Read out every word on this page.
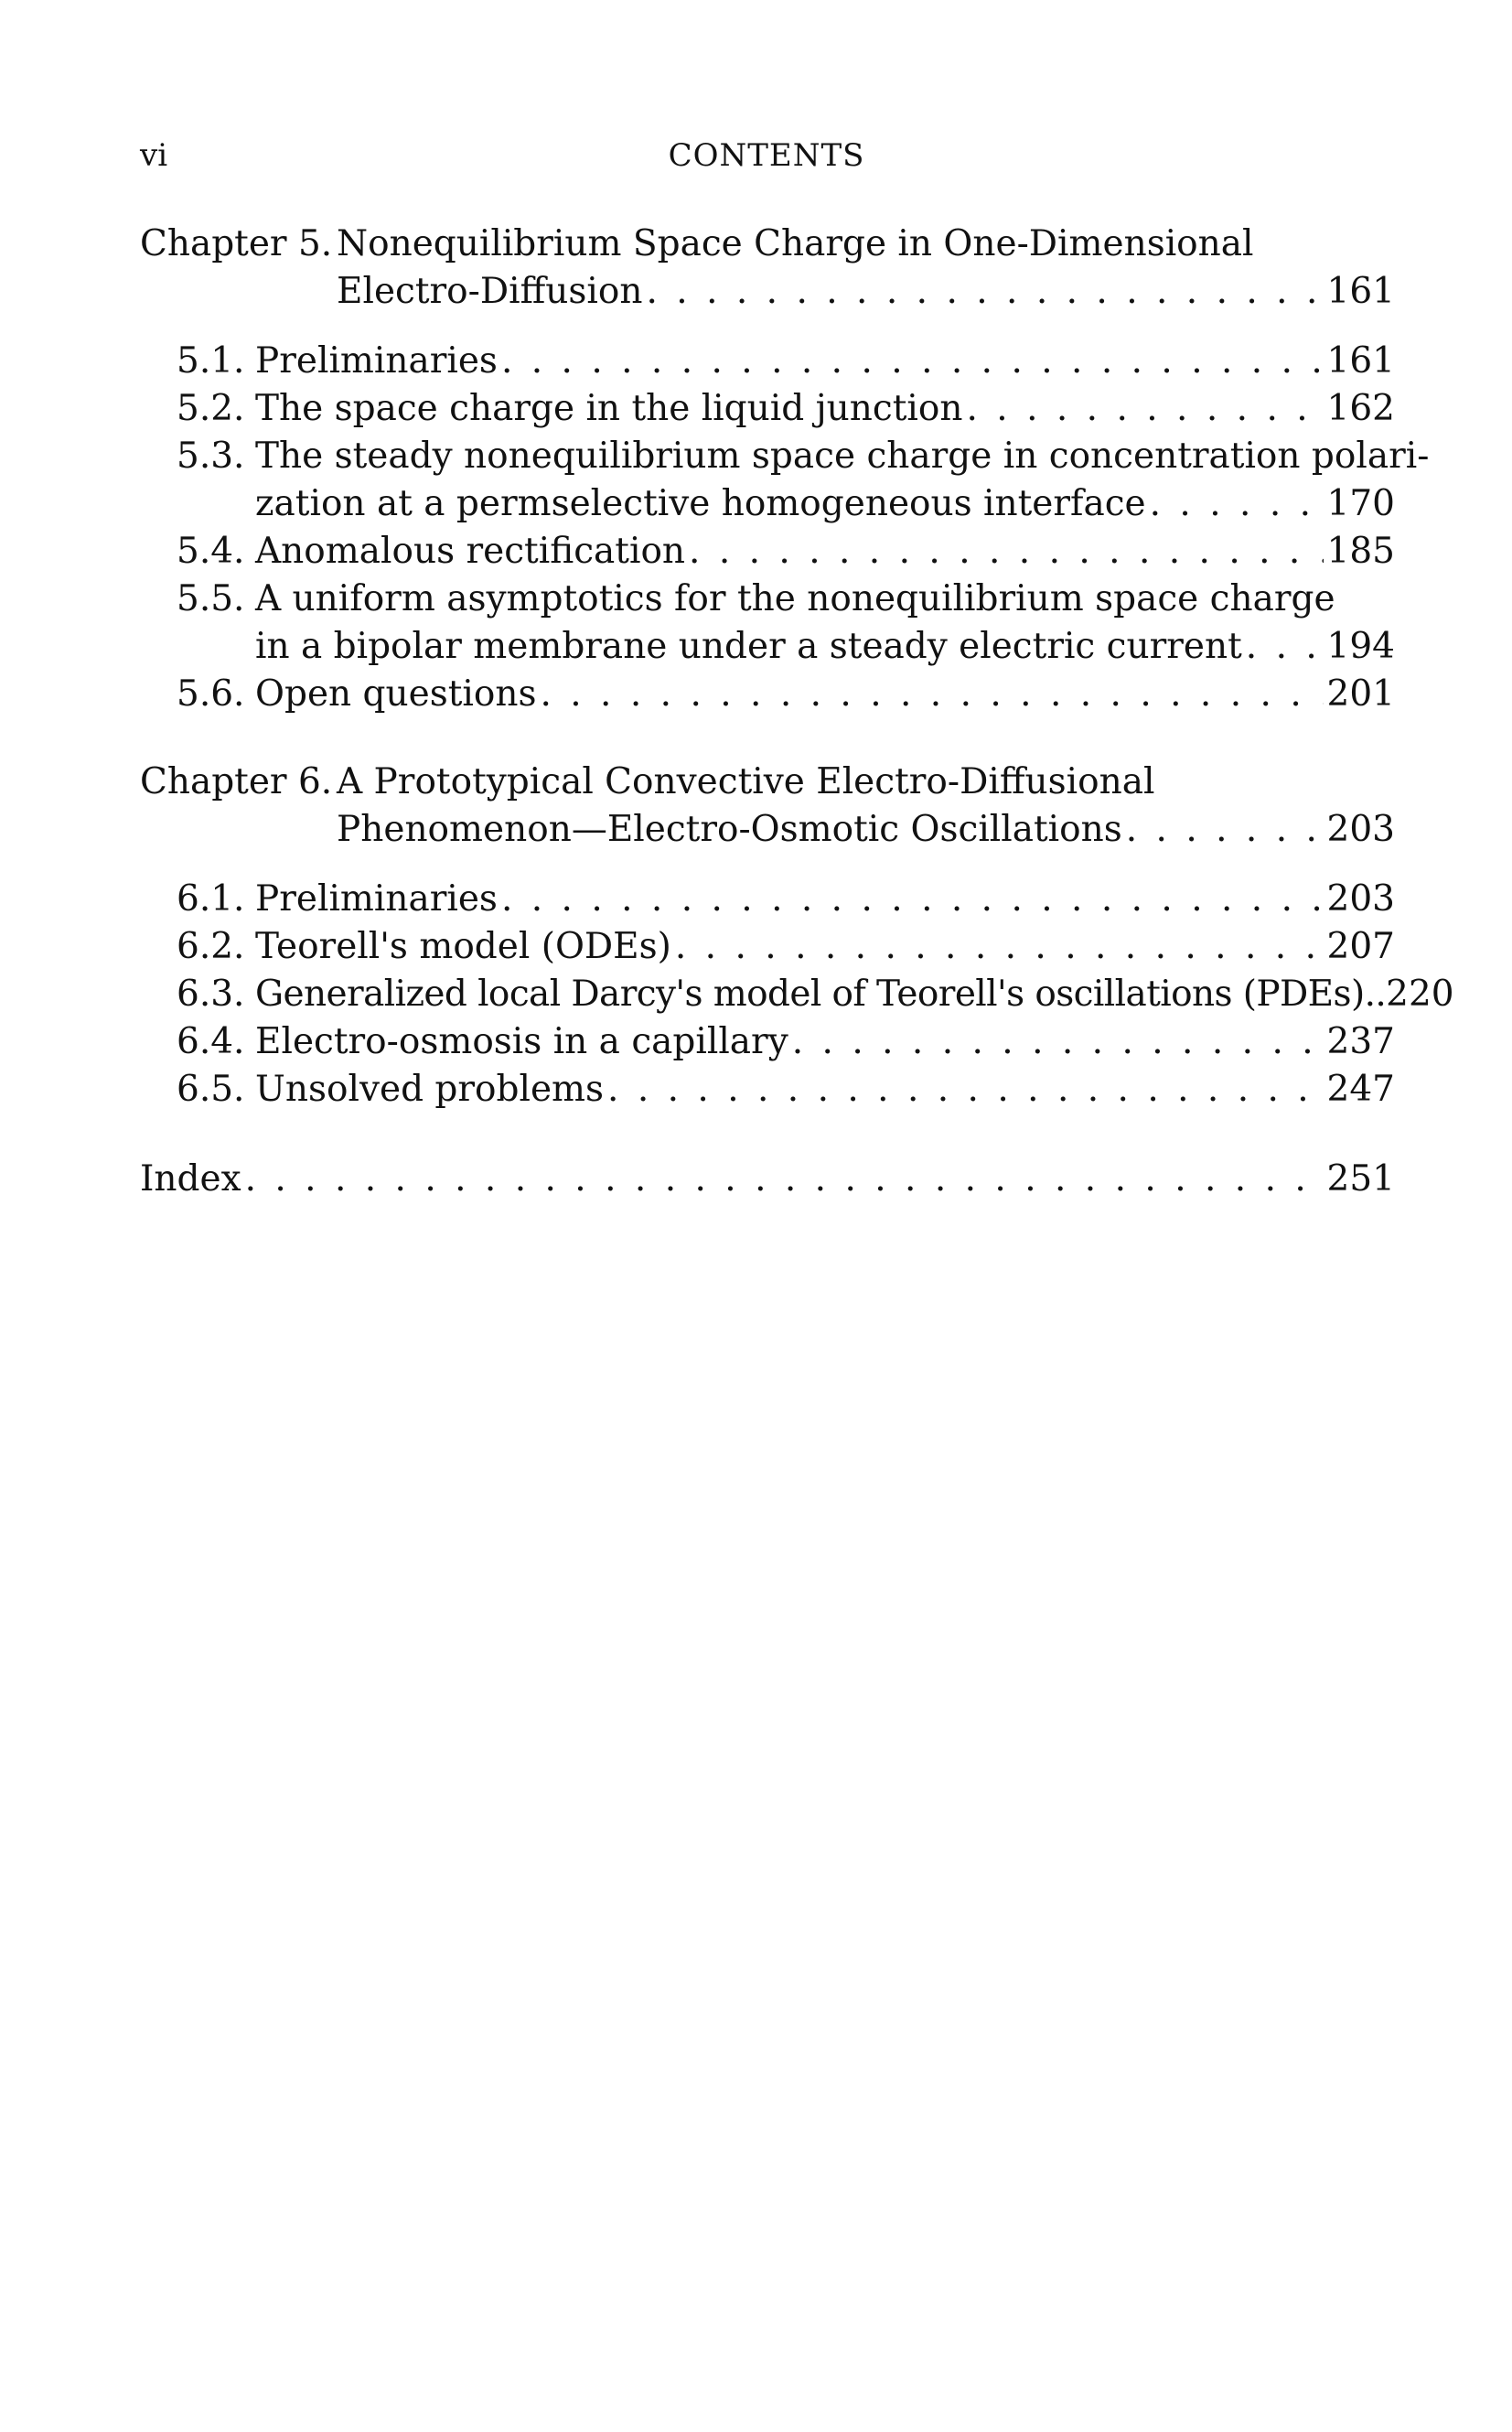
vi	CONTENTS
Chapter 5. Nonequilibrium Space Charge in One-Dimensional
Electro-Diffusion . . .	161
5.1. Preliminaries . . .	161
5.2. The space charge in the liquid junction . . .	162
5.3. The steady nonequilibrium space charge in concentration polari-
zation at a permselective homogeneous interface . . .	170
5.4. Anomalous rectification . . .	185
5.5. A uniform asymptotics for the nonequilibrium space charge
in a bipolar membrane under a steady electric current . . . 194
5.6. Open questions . . .	201
Chapter 6. A Prototypical Convective Electro-Diffusional
Phenomenon—Electro-Osmotic Oscillations . . .	203
6.1. Preliminaries . . .	203
6.2. Teorell's model (ODEs) . . .	207
6.3. Generalized local Darcy's model of Teorell's oscillations (PDEs).. 220
6.4. Electro-osmosis in a capillary . . .	237
6.5. Unsolved problems . . .	247
Index . . .	251
